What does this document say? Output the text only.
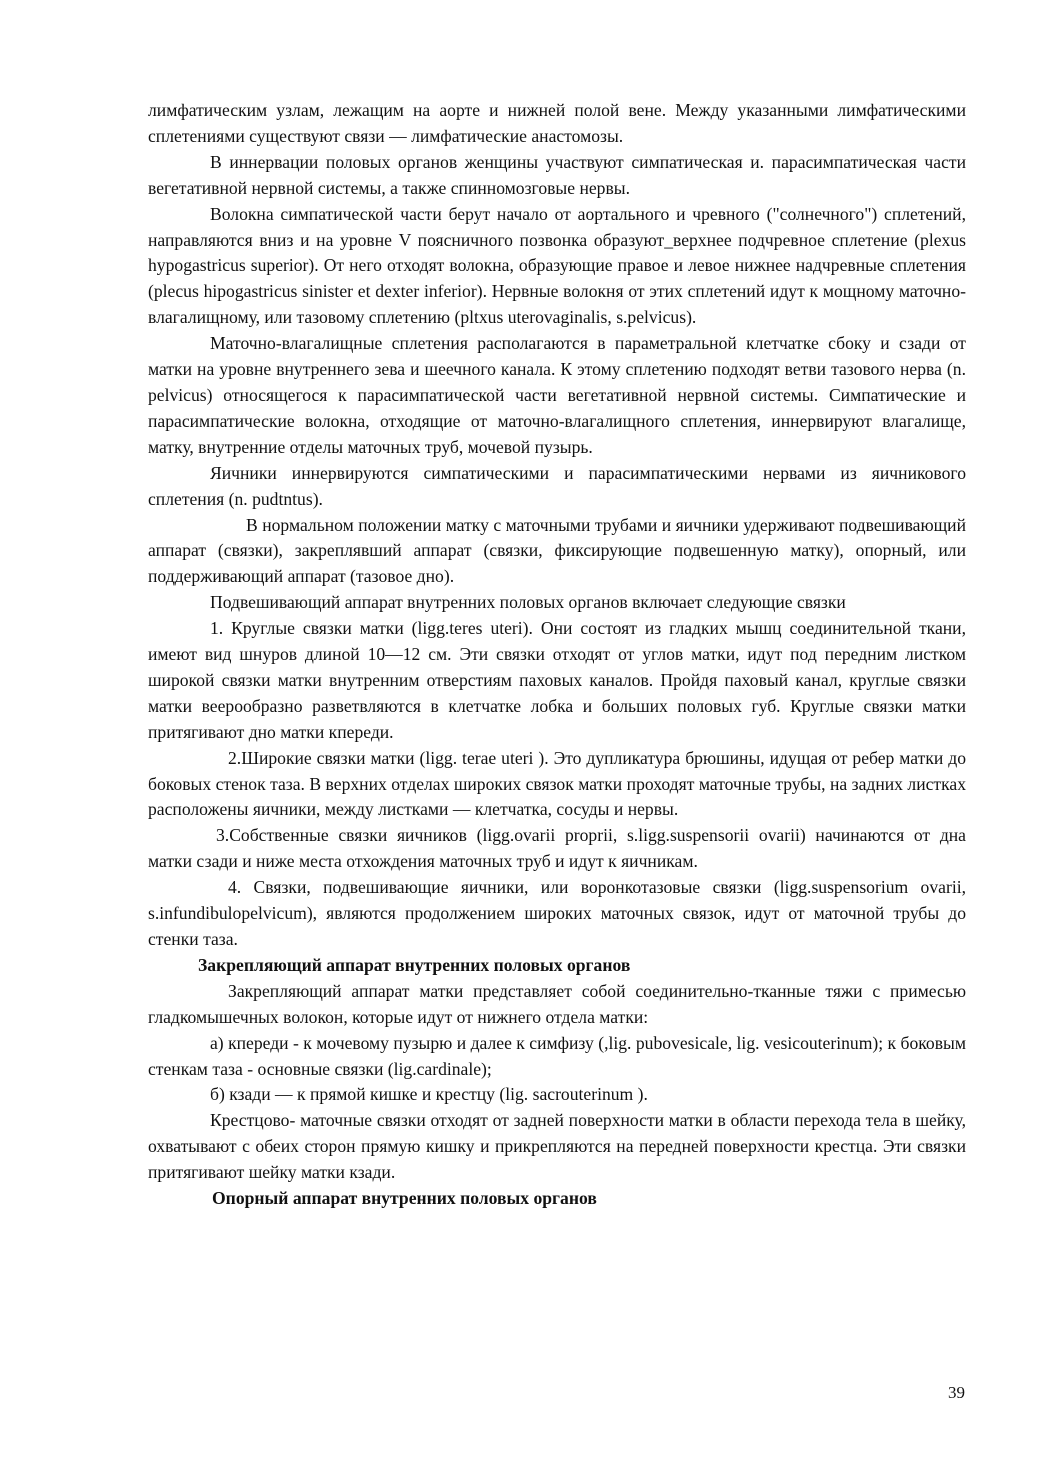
лимфатическим узлам, лежащим на аорте и нижней полой вене. Между указанными лимфатическими сплетениями существуют связи — лимфатические анастомозы.

В иннервации половых органов женщины участвуют симпатическая и. парасимпатическая части вегетативной нервной системы, а также спинномозговые нервы.

Волокна симпатической части берут начало от аортального и чревного ("солнечного") сплетений, направляются вниз и на уровне V поясничного позвонка образуют_верхнее подчревное сплетение (plexus hypogastricus superior). От него отходят волокна, образующие правое и левое нижнее надчревные сплетения (plecus hipogastricus sinister et dexter inferior). Нервные волокня от этих сплетений идут к мощному маточно-влагалищному, или тазовому сплетению (pltxus uterovaginalis, s.pelvicus).

Маточно-влагалищные сплетения располагаются в параметральной клетчатке сбоку и сзади от матки на уровне внутреннего зева и шеечного канала. К этому сплетению подходят ветви тазового нерва (n. pelvicus) относящегося к парасимпатической части вегетативной нервной системы. Симпатические и парасимпатические волокна, отходящие от маточно-влагалищного сплетения, иннервируют влагалище, матку, внутренние отделы маточных труб, мочевой пузырь.

Яичники иннервируются симпатическими и парасимпатическими нервами из яичникового сплетения (n. pudtntus).

В нормальном положении матку с маточными трубами и яичники удерживают подвешивающий аппарат (связки), закреплявший аппарат (связки, фиксирующие подвешенную матку), опорный, или поддерживающий аппарат (тазовое дно).

Подвешивающий аппарат внутренних половых органов включает следующие связки

1. Круглые связки матки (ligg.teres uteri). Они состоят из гладких мышц соединительной ткани, имеют вид шнуров длиной 10—12 см. Эти связки отходят от углов матки, идут под передним листком широкой связки матки внутренним отверстиям паховых каналов. Пройдя паховый канал, круглые связки матки веерообразно разветвляются в клетчатке лобка и больших половых губ. Круглые связки матки притягивают дно матки кпереди.

2.Широкие связки матки (ligg. terae uteri ). Это дупликатура брюшины, идущая от ребер матки до боковых стенок таза. В верхних отделах широких связок матки проходят маточные трубы, на задних листках расположены яичники, между листками — клетчатка, сосуды и нервы.

3.Собственные связки яичников (ligg.ovarii proprii, s.ligg.suspensorii ovarii) начинаются от дна матки сзади и ниже места отхождения маточных труб и идут к яичникам.

4. Связки, подвешивающие яичники, или воронкотазовые связки (ligg.suspensorium ovarii, s.infundibulopelvicum), являются продолжением широких маточных связок, идут от маточной трубы до стенки таза.

Закрепляющий аппарат внутренних половых органов

Закрепляющий аппарат матки представляет собой соединительно-тканные тяжи с примесью гладкомышечных волокон, которые идут от нижнего отдела матки:

а) кпереди - к мочевому пузырю и далее к симфизу (,lig. pubovesicale, lig. vesicouterinum); к боковым стенкам таза - основные связки (lig.cardinale);

б) кзади — к прямой кишке и крестцу (lig. sacrouterinum ).

Крестцово- маточные связки отходят от задней поверхности матки в области перехода тела в шейку, охватывают с обеих сторон прямую кишку и прикрепляются на передней поверхности крестца. Эти связки притягивают шейку матки кзади.

Опорный аппарат внутренних половых органов

39
